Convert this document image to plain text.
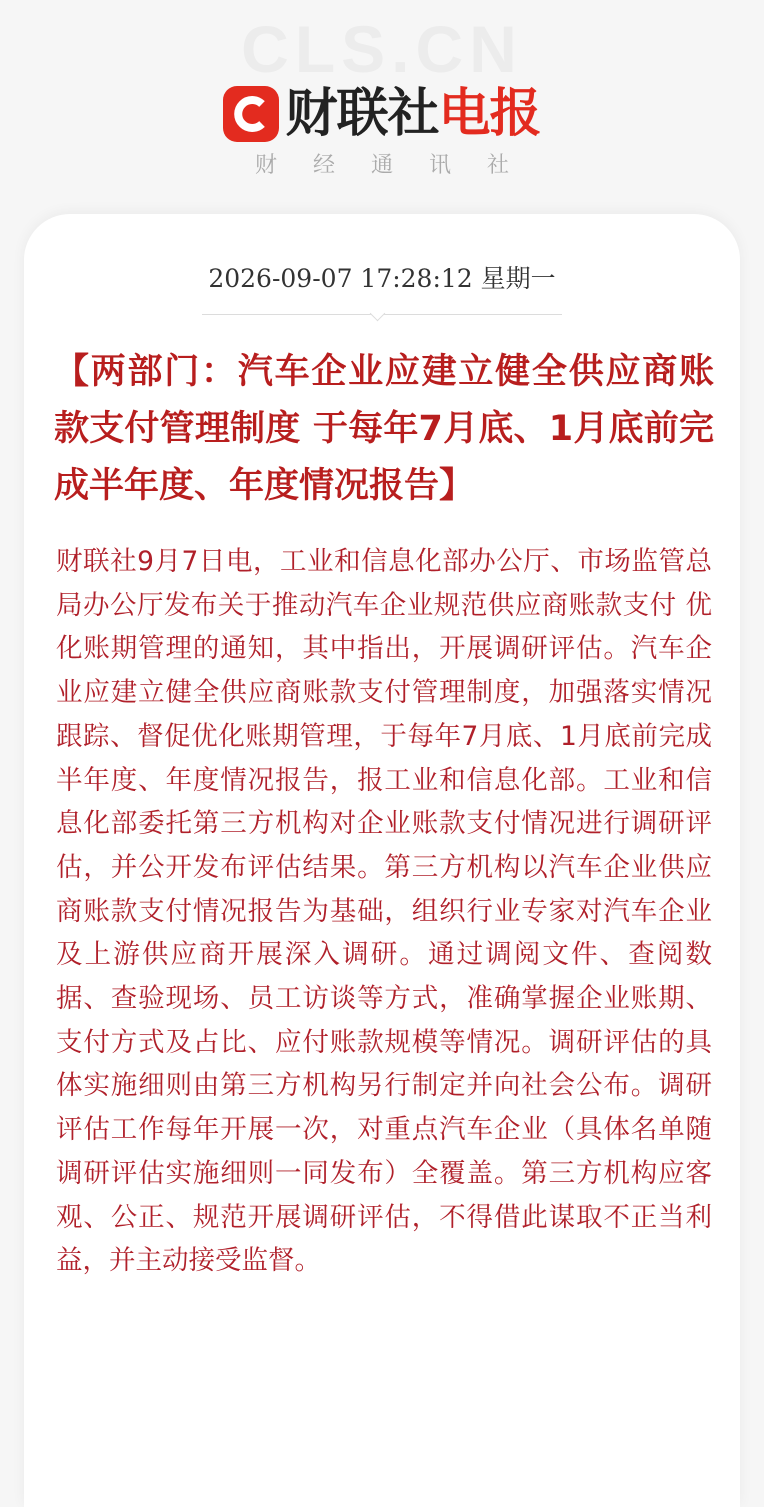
CLS.CN
财联社 电报
财经通讯社
2026-09-07 17:28:12 星期一
【两部门：汽车企业应建立健全供应商账款支付管理制度 于每年7月底、1月底前完成半年度、年度情况报告】

财联社9月7日电，工业和信息化部办公厅、市场监管总局办公厅发布关于推动汽车企业规范供应商账款支付 优化账期管理的通知，其中指出，开展调研评估。汽车企业应建立健全供应商账款支付管理制度，加强落实情况跟踪、督促优化账期管理，于每年7月底、1月底前完成半年度、年度情况报告，报工业和信息化部。工业和信息化部委托第三方机构对企业账款支付情况进行调研评估，并公开发布评估结果。第三方机构以汽车企业供应商账款支付情况报告为基础，组织行业专家对汽车企业及上游供应商开展深入调研。通过调阅文件、查阅数据、查验现场、员工访谈等方式，准确掌握企业账期、支付方式及占比、应付账款规模等情况。调研评估的具体实施细则由第三方机构另行制定并向社会公布。调研评估工作每年开展一次，对重点汽车企业（具体名单随调研评估实施细则一同发布）全覆盖。第三方机构应客观、公正、规范开展调研评估，不得借此谋取不正当利益，并主动接受监督。
